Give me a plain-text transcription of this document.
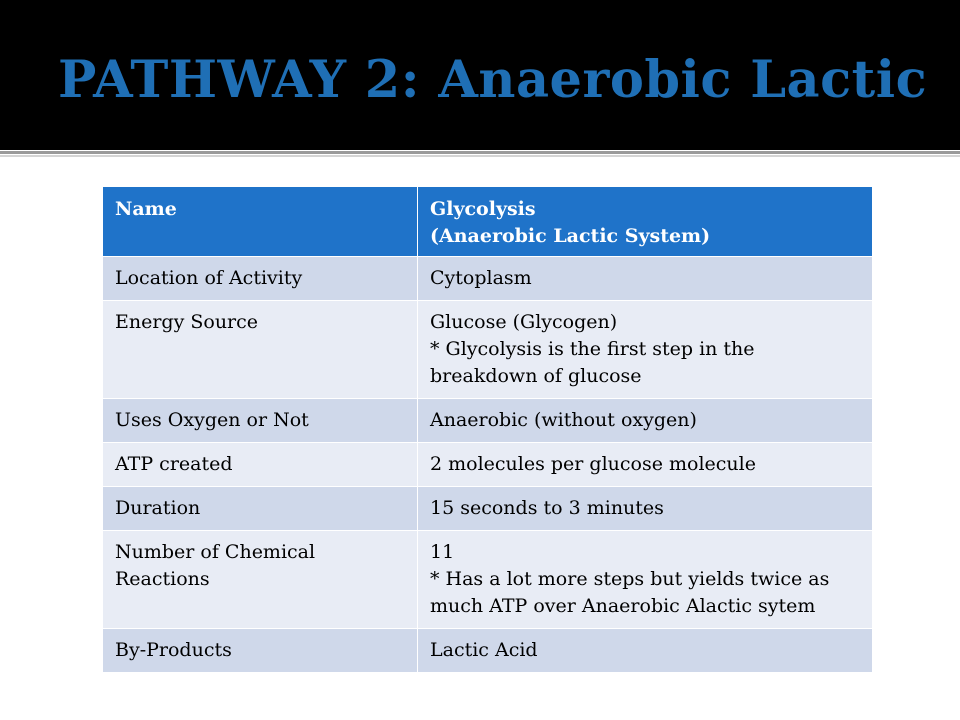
PATHWAY 2: Anaerobic Lactic
Name	Glycolysis
(Anaerobic Lactic System)

Location of Activity	Cytoplasm

Energy Source	Glucose (Glycogen)
* Glycolysis is the first step in the breakdown of glucose

Uses Oxygen or Not	Anaerobic (without oxygen)

ATP created	2 molecules per glucose molecule

Duration	15 seconds to 3 minutes

Number of Chemical Reactions	11
* Has a lot more steps but yields twice as much ATP over Anaerobic Alactic sytem

By-Products	Lactic Acid
